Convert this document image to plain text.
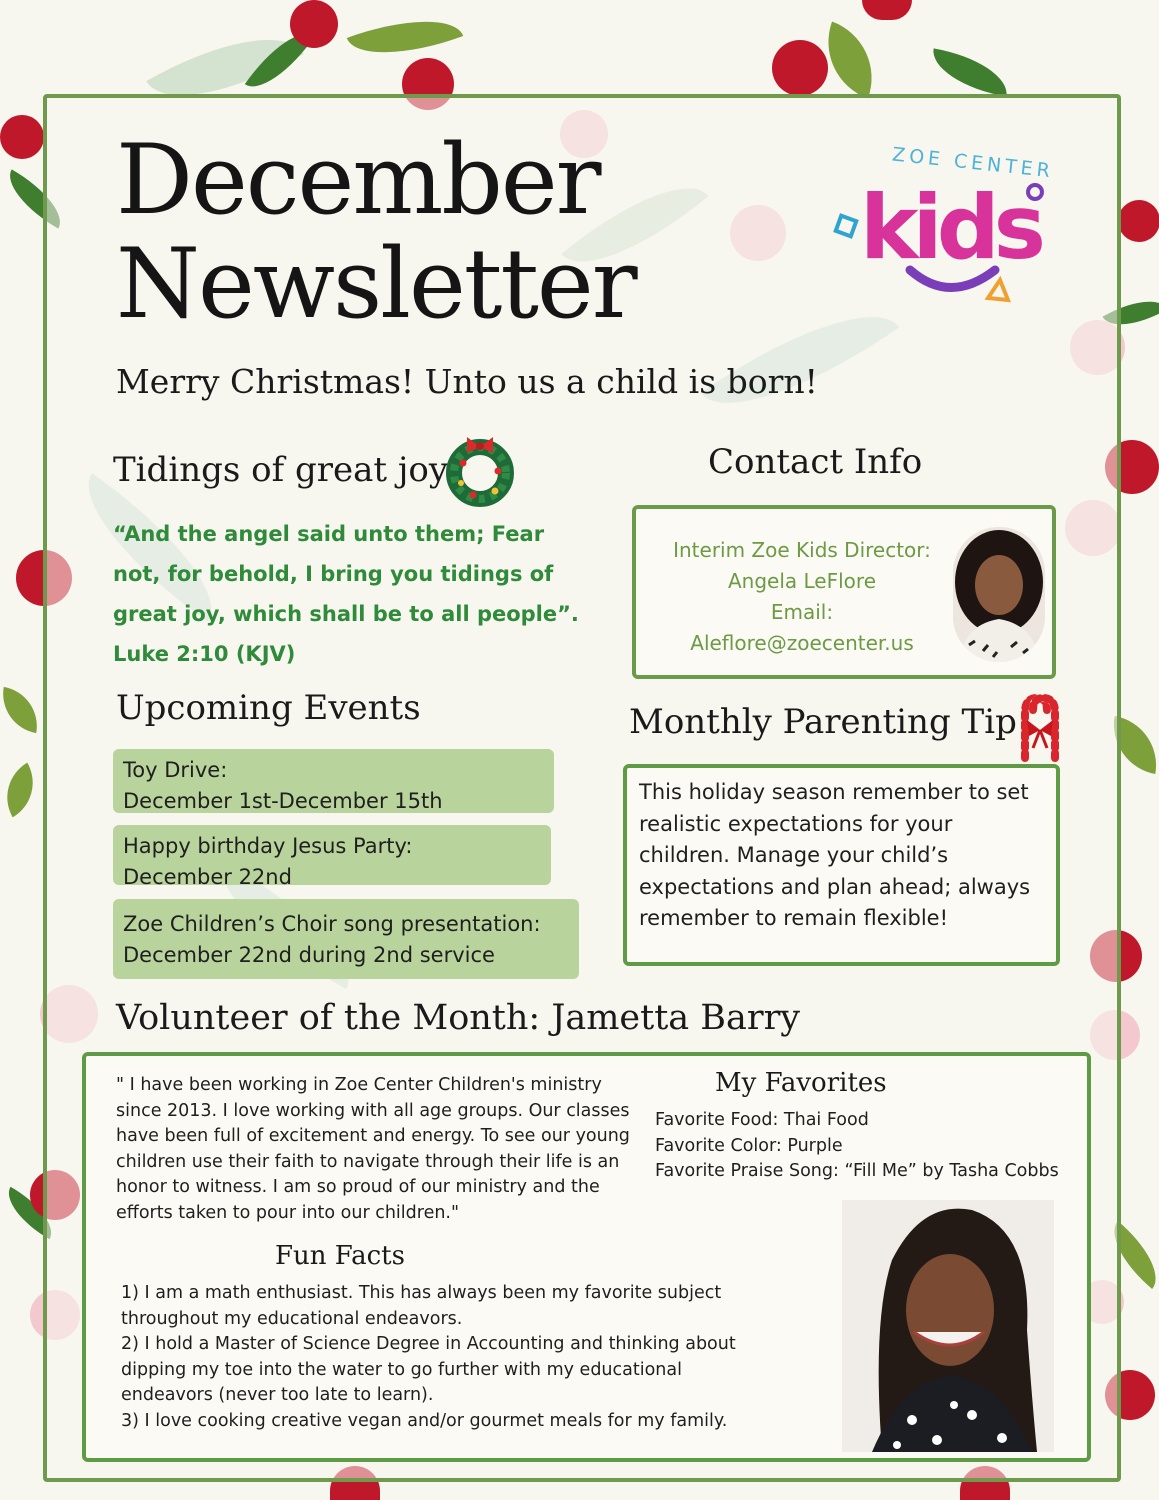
December
Newsletter
ZOE CENTER
kids
Merry Christmas! Unto us a child is born!
Tidings of great joy
“And the angel said unto them; Fear not, for behold, I bring you tidings of great joy, which shall be to all people”.
Luke 2:10 (KJV)
Contact Info
Interim Zoe Kids Director:
Angela LeFlore
Email:
Aleflore@zoecenter.us
Upcoming Events
Toy Drive:
December 1st-December 15th
Happy birthday Jesus Party:
December 22nd
Zoe Children’s Choir song presentation:
December 22nd during 2nd service
Monthly Parenting Tip
This holiday season remember to set realistic expectations for your children. Manage your child’s expectations and plan ahead; always remember to remain flexible!
Volunteer of the Month: Jametta Barry
" I have been working in Zoe Center Children's ministry since 2013. I love working with all age groups. Our classes have been full of excitement and energy. To see our young children use their faith to navigate through their life is an honor to witness. I am so proud of our ministry and the efforts taken to pour into our children."
My Favorites
Favorite Food: Thai Food
Favorite Color: Purple
Favorite Praise Song: “Fill Me” by Tasha Cobbs
Fun Facts
1) I am a math enthusiast. This has always been my favorite subject throughout my educational endeavors.
2) I hold a Master of Science Degree in Accounting and thinking about dipping my toe into the water to go further with my educational endeavors (never too late to learn).
3) I love cooking creative vegan and/or gourmet meals for my family.
